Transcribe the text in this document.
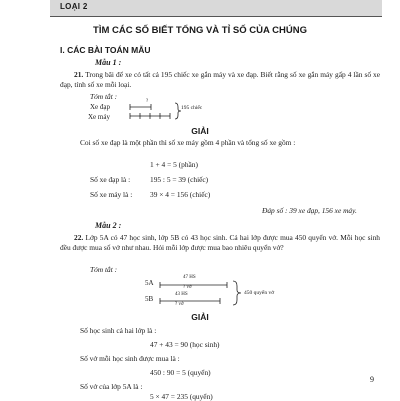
LOẠI 2
TÌM CÁC SỐ BIẾT TỔNG VÀ TỈ SỐ CỦA CHÚNG
I. CÁC BÀI TOÁN MẪU
Mẫu 1 :
21. Trong bãi để xe có tất cả 195 chiếc xe gắn máy và xe đạp. Biết rằng số xe gắn máy gấp 4 lần số xe đạp, tính số xe mỗi loại.
Tóm tắt :
Xe đạp
Xe máy
?
195 chiếc
GIẢI
Coi số xe đạp là một phần thì số xe máy gồm 4 phần và tổng số xe gồm :
1 + 4 = 5 (phần)
Số xe đạp là :	195 : 5 = 39 (chiếc)
Số xe máy là : 39 × 4 = 156 (chiếc)
Đáp số : 39 xe đạp, 156 xe máy.
Mẫu 2 :
22. Lớp 5A có 47 học sinh, lớp 5B có 43 học sinh. Cả hai lớp được mua 450 quyển vở. Mỗi học sinh đều được mua số vở như nhau. Hỏi mỗi lớp được mua bao nhiêu quyển vở?
Tóm tắt :
5A
5B
47 HS
? vở
43 HS
? vở
450 quyển vở
GIẢI
Số học sinh cả hai lớp là :
47 + 43 = 90 (học sinh)
Số vở mỗi học sinh được mua là :
450 : 90 = 5 (quyển)
Số vở của lớp 5A là :
5 × 47 = 235 (quyển)
9
